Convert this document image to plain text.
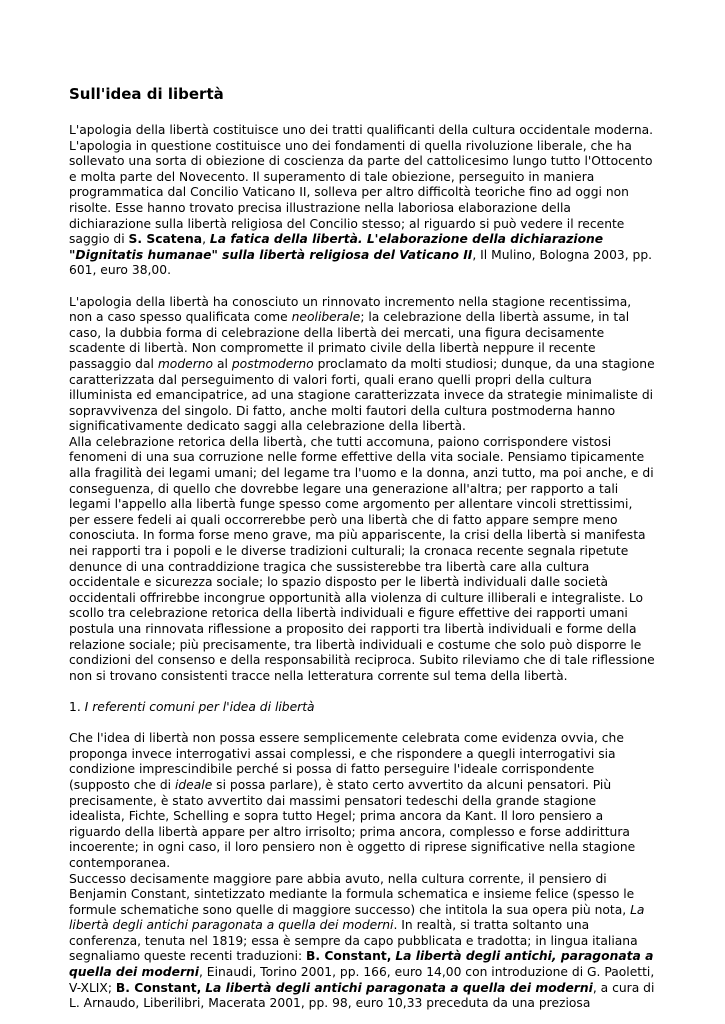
Sull'idea di libertà

L'apologia della libertà costituisce uno dei tratti qualificanti della cultura occidentale moderna. L'apologia in questione costituisce uno dei fondamenti di quella rivoluzione liberale, che ha sollevato una sorta di obiezione di coscienza da parte del cattolicesimo lungo tutto l'Ottocento e molta parte del Novecento. Il superamento di tale obiezione, perseguito in maniera programmatica dal Concilio Vaticano II, solleva per altro difficoltà teoriche fino ad oggi non risolte. Esse hanno trovato precisa illustrazione nella laboriosa elaborazione della dichiarazione sulla libertà religiosa del Concilio stesso; al riguardo si può vedere il recente saggio di S. Scatena, La fatica della libertà. L'elaborazione della dichiarazione "Dignitatis humanae" sulla libertà religiosa del Vaticano II, Il Mulino, Bologna 2003, pp. 601, euro 38,00.

L'apologia della libertà ha conosciuto un rinnovato incremento nella stagione recentissima, non a caso spesso qualificata come neoliberale; la celebrazione della libertà assume, in tal caso, la dubbia forma di celebrazione della libertà dei mercati, una figura decisamente scadente di libertà. Non compromette il primato civile della libertà neppure il recente passaggio dal moderno al postmoderno proclamato da molti studiosi; dunque, da una stagione caratterizzata dal perseguimento di valori forti, quali erano quelli propri della cultura illuminista ed emancipatrice, ad una stagione caratterizzata invece da strategie minimaliste di sopravvivenza del singolo. Di fatto, anche molti fautori della cultura postmoderna hanno significativamente dedicato saggi alla celebrazione della libertà.

Alla celebrazione retorica della libertà, che tutti accomuna, paiono corrispondere vistosi fenomeni di una sua corruzione nelle forme effettive della vita sociale. Pensiamo tipicamente alla fragilità dei legami umani; del legame tra l'uomo e la donna, anzi tutto, ma poi anche, e di conseguenza, di quello che dovrebbe legare una generazione all'altra; per rapporto a tali legami l'appello alla libertà funge spesso come argomento per allentare vincoli strettissimi, per essere fedeli ai quali occorrerebbe però una libertà che di fatto appare sempre meno conosciuta. In forma forse meno grave, ma più appariscente, la crisi della libertà si manifesta nei rapporti tra i popoli e le diverse tradizioni culturali; la cronaca recente segnala ripetute denunce di una contraddizione tragica che sussisterebbe tra libertà care alla cultura occidentale e sicurezza sociale; lo spazio disposto per le libertà individuali dalle società occidentali offrirebbe incongrue opportunità alla violenza di culture illiberali e integraliste. Lo scollo tra celebrazione retorica della libertà individuali e figure effettive dei rapporti umani postula una rinnovata riflessione a proposito dei rapporti tra libertà individuali e forme della relazione sociale; più precisamente, tra libertà individuali e costume che solo può disporre le condizioni del consenso e della responsabilità reciproca. Subito rileviamo che di tale riflessione non si trovano consistenti tracce nella letteratura corrente sul tema della libertà.

1. I referenti comuni per l'idea di libertà

Che l'idea di libertà non possa essere semplicemente celebrata come evidenza ovvia, che proponga invece interrogativi assai complessi, e che rispondere a quegli interrogativi sia condizione imprescindibile perché si possa di fatto perseguire l'ideale corrispondente (supposto che di ideale si possa parlare), è stato certo avvertito da alcuni pensatori. Più precisamente, è stato avvertito dai massimi pensatori tedeschi della grande stagione idealista, Fichte, Schelling e sopra tutto Hegel; prima ancora da Kant. Il loro pensiero a riguardo della libertà appare per altro irrisolto; prima ancora, complesso e forse addirittura incoerente; in ogni caso, il loro pensiero non è oggetto di riprese significative nella stagione contemporanea.

Successo decisamente maggiore pare abbia avuto, nella cultura corrente, il pensiero di Benjamin Constant, sintetizzato mediante la formula schematica e insieme felice (spesso le formule schematiche sono quelle di maggiore successo) che intitola la sua opera più nota, La libertà degli antichi paragonata a quella dei moderni. In realtà, si tratta soltanto una conferenza, tenuta nel 1819; essa è sempre da capo pubblicata e tradotta; in lingua italiana segnaliamo queste recenti traduzioni: B. Constant, La libertà degli antichi, paragonata a quella dei moderni, Einaudi, Torino 2001, pp. 166, euro 14,00 con introduzione di G. Paoletti, V-XLIX; B. Constant, La libertà degli antichi paragonata a quella dei moderni, a cura di L. Arnaudo, Liberilibri, Macerata 2001, pp. 98, euro 10,33 preceduta da una preziosa
